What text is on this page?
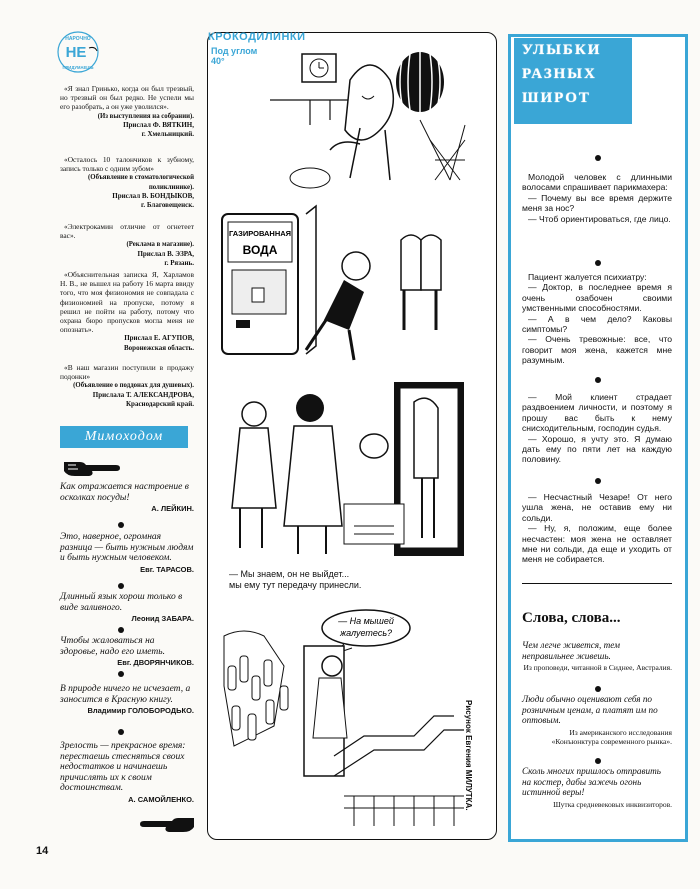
НАРОЧНО
НЕ
ПРИДУМАЕШЬ
«Я знал Гринько, когда он был трезвый, но трезвый он был редко. Не успели мы его разобрать, а он уже уволился».
(Из выступления на собрании).
Прислал Ф. ВЯТКИН,
г. Хмельницкий.
«Осталось 10 талончиков к зубному, запись только с одним зубом»
(Объявление в стоматологической поликлинике).
Прислал В. БОНДЫКОВ,
г. Благовещенск.
«Электрокамин отличие от огнетеет вас».
(Реклама в магазине).
Прислал В. ЭЗРА,
г. Рязань.
«Объяснительная записка Я, Харламов Н. В., не вышел на работу 16 марта ввиду того, что моя физиономия не совпадала с физиономией на пропуске, потому я решил не пойти на работу, потому что охрана бюро пропусков могла меня не опознать».
Прислал Е. АГУПОВ,
Воронежская область.
«В наш магазин поступили в продажу подонки»
(Объявление о поддонах для душевых).
Прислала Т. АЛЕКСАНДРОВА,
Краснодарский край.
Мимоходом
Как отражается настроение в осколках посуды!
А. ЛЕЙКИН.
Это, наверное, огромная разница — быть нужным людям и быть нужным человеком.
Евг. ТАРАСОВ.
Длинный язык хорош только в виде заливного.
Леонид ЗАБАРА.
Чтобы жаловаться на здоровье, надо его иметь.
Евг. ДВОРЯНЧИКОВ.
В природе ничего не исчезает, а заносится в Красную книгу.
Владимир ГОЛОБОРОДЬКО.
Зрелость — прекрасное время: перестаешь стесняться своих недостатков и начинаешь причислять их к своим достоинствам.
А. САМОЙЛЕНКО.
КРОКОДИЛИНКИ
Под углом
40°
ГАЗИРОВАННАЯ
ВОДА
— Мы знаем, он не выйдет...
мы ему тут передачу принесли.
— На мышей
жалуетесь?
Рисунок Евгения МИЛУТКА.
УЛЫБКИ
РАЗНЫХ
ШИРОТ

Молодой человек с длинными волосами спрашивает парикмахера:

— Почему вы все время держите меня за нос?

— Чтоб ориентироваться, где лицо.

Пациент жалуется психиатру:

— Доктор, в последнее время я очень озабочен своими умственными способностями.

— А в чем дело? Каковы симптомы?

— Очень тревожные: все, что говорит моя жена, кажется мне разумным.

— Мой клиент страдает раздвоением личности, и поэтому я прошу вас быть к нему снисходительным, господин судья.

— Хорошо, я учту это. Я думаю дать ему по пяти лет на каждую половину.

— Несчастный Чезаре! От него ушла жена, не оставив ему ни сольди.

— Ну, я, положим, еще более несчастен: моя жена не оставляет мне ни сольди, да еще и уходить от меня не собирается.

Слова, слова...
Чем легче живется, тем неправильнее живешь.
Из проповеди, читанной в Сиднее, Австралия.
Люди обычно оценивают себя по розничным ценам, а платят им по оптовым.
Из американского исследования «Конъюнктура современного рынка».
Сколь многих пришлось отправить на костер, дабы зажечь огонь истинной веры!
Шутка средневековых инквизиторов.
14
